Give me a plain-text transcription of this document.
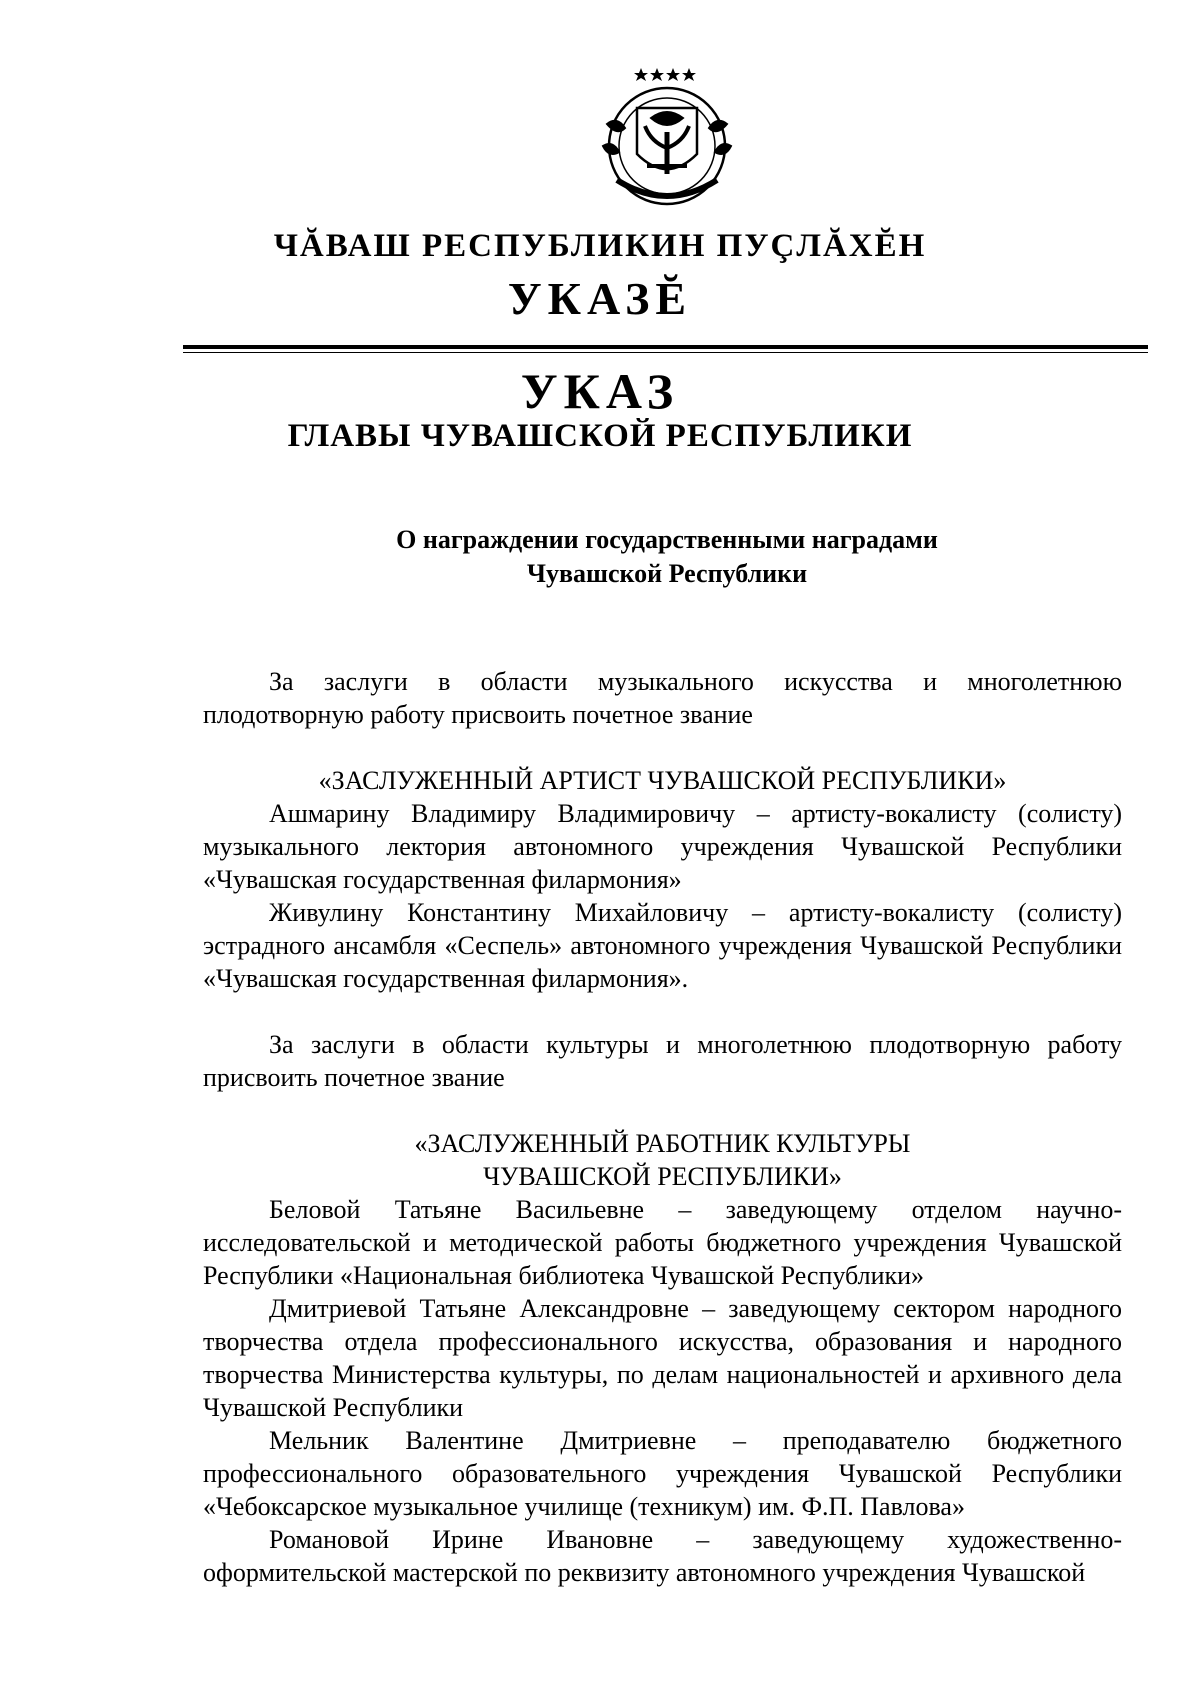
ЧĂВАШ РЕСПУБЛИКИН ПУÇЛĂХĔН

УКАЗĔ

УКАЗ

ГЛАВЫ ЧУВАШСКОЙ РЕСПУБЛИКИ

О награждении государственными наградами
Чувашской Республики

За заслуги в области музыкального искусства и многолетнюю плодотворную работу присвоить почетное звание

«ЗАСЛУЖЕННЫЙ АРТИСТ ЧУВАШСКОЙ РЕСПУБЛИКИ»

Ашмарину Владимиру Владимировичу – артисту-вокалисту (солисту) музыкального лектория автономного учреждения Чувашской Республики «Чувашская государственная филармония»

Живулину Константину Михайловичу – артисту-вокалисту (солисту) эстрадного ансамбля «Сеспель» автономного учреждения Чувашской Республики «Чувашская государственная филармония».

За заслуги в области культуры и многолетнюю плодотворную работу присвоить почетное звание

«ЗАСЛУЖЕННЫЙ РАБОТНИК КУЛЬТУРЫ
ЧУВАШСКОЙ РЕСПУБЛИКИ»

Беловой Татьяне Васильевне – заведующему отделом научно-исследовательской и методической работы бюджетного учреждения Чувашской Республики «Национальная библиотека Чувашской Республики»

Дмитриевой Татьяне Александровне – заведующему сектором народного творчества отдела профессионального искусства, образования и народного творчества Министерства культуры, по делам национальностей и архивного дела Чувашской Республики

Мельник Валентине Дмитриевне – преподавателю бюджетного профессионального образовательного учреждения Чувашской Республики «Чебоксарское музыкальное училище (техникум) им. Ф.П. Павлова»

Романовой Ирине Ивановне – заведующему художественно-оформительской мастерской по реквизиту автономного учреждения Чувашской
